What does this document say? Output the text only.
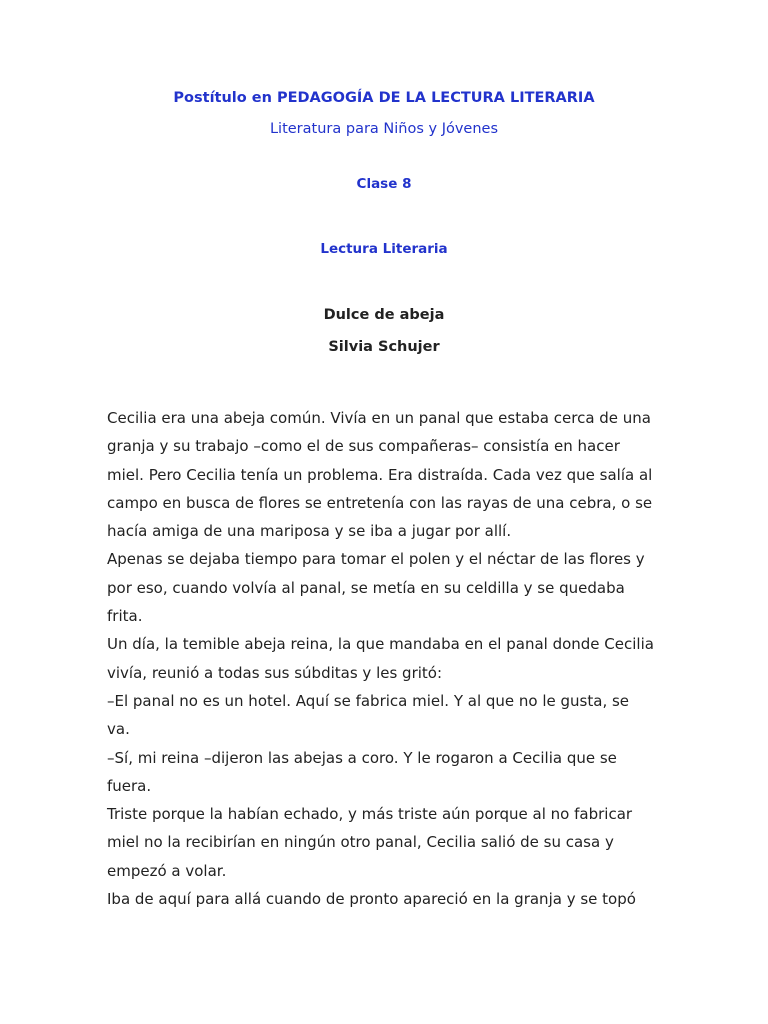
Postítulo en PEDAGOGÍA DE LA LECTURA LITERARIA
Literatura para Niños y Jóvenes
Clase 8
Lectura Literaria
Dulce de abeja
Silvia Schujer
Cecilia era una abeja común. Vivía en un panal que estaba cerca de una
granja y su trabajo –como el de sus compañeras– consistía en hacer
miel. Pero Cecilia tenía un problema. Era distraída. Cada vez que salía al
campo en busca de flores se entretenía con las rayas de una cebra, o se
hacía amiga de una mariposa y se iba a jugar por allí.
Apenas se dejaba tiempo para tomar el polen y el néctar de las flores y
por eso, cuando volvía al panal, se metía en su celdilla y se quedaba
frita.
Un día, la temible abeja reina, la que mandaba en el panal donde Cecilia
vivía, reunió a todas sus súbditas y les gritó:
–El panal no es un hotel. Aquí se fabrica miel. Y al que no le gusta, se
va.
–Sí, mi reina –dijeron las abejas a coro. Y le rogaron a Cecilia que se
fuera.
Triste porque la habían echado, y más triste aún porque al no fabricar
miel no la recibirían en ningún otro panal, Cecilia salió de su casa y
empezó a volar.
Iba de aquí para allá cuando de pronto apareció en la granja y se topó
